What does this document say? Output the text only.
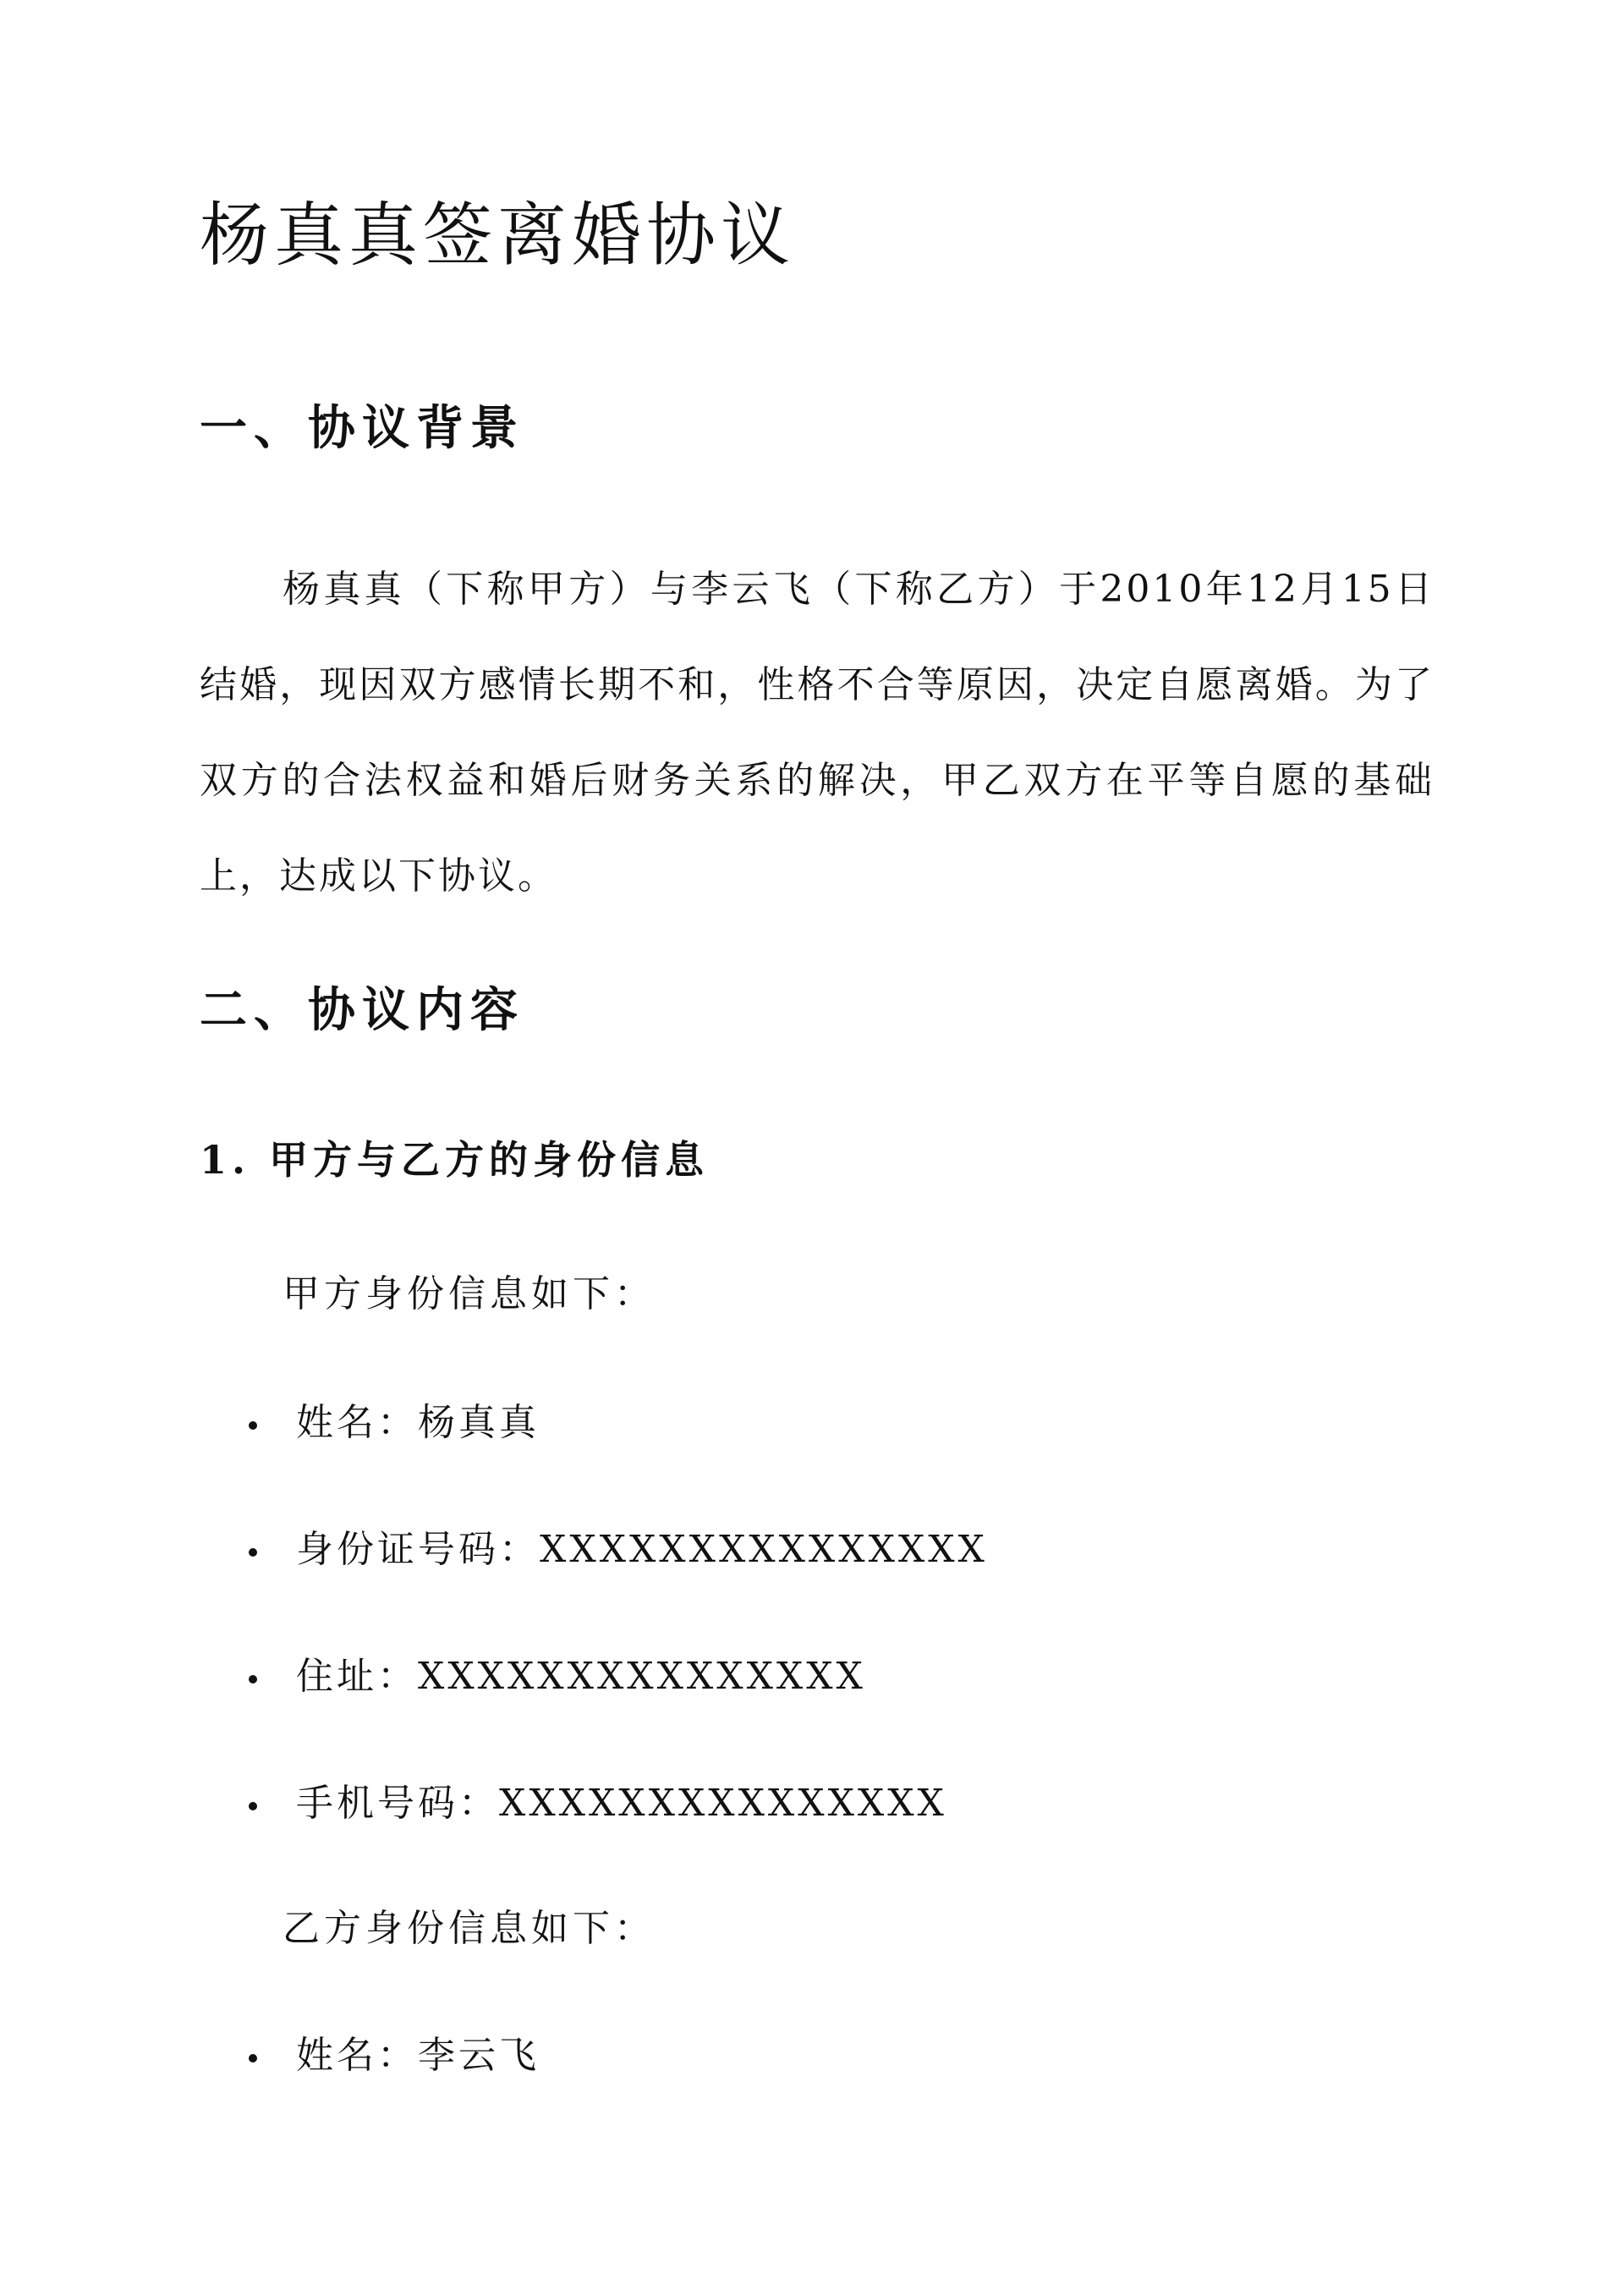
杨真真签离婚协议
一、协议背景

杨真真（下称甲方）与李云飞（下称乙方）于2010年12月15日结婚，现因双方感情长期不和，性格不合等原因，决定自愿离婚。为了双方的合法权益和婚后财务关系的解决，甲乙双方在平等自愿的基础上，达成以下协议。

二、协议内容
1. 甲方与乙方的身份信息

甲方身份信息如下：

姓名：杨真真
身份证号码：XXXXXXXXXXXXXXX
住址：XXXXXXXXXXXXXXX
手机号码：XXXXXXXXXXXXXXX

乙方身份信息如下：

姓名：李云飞
